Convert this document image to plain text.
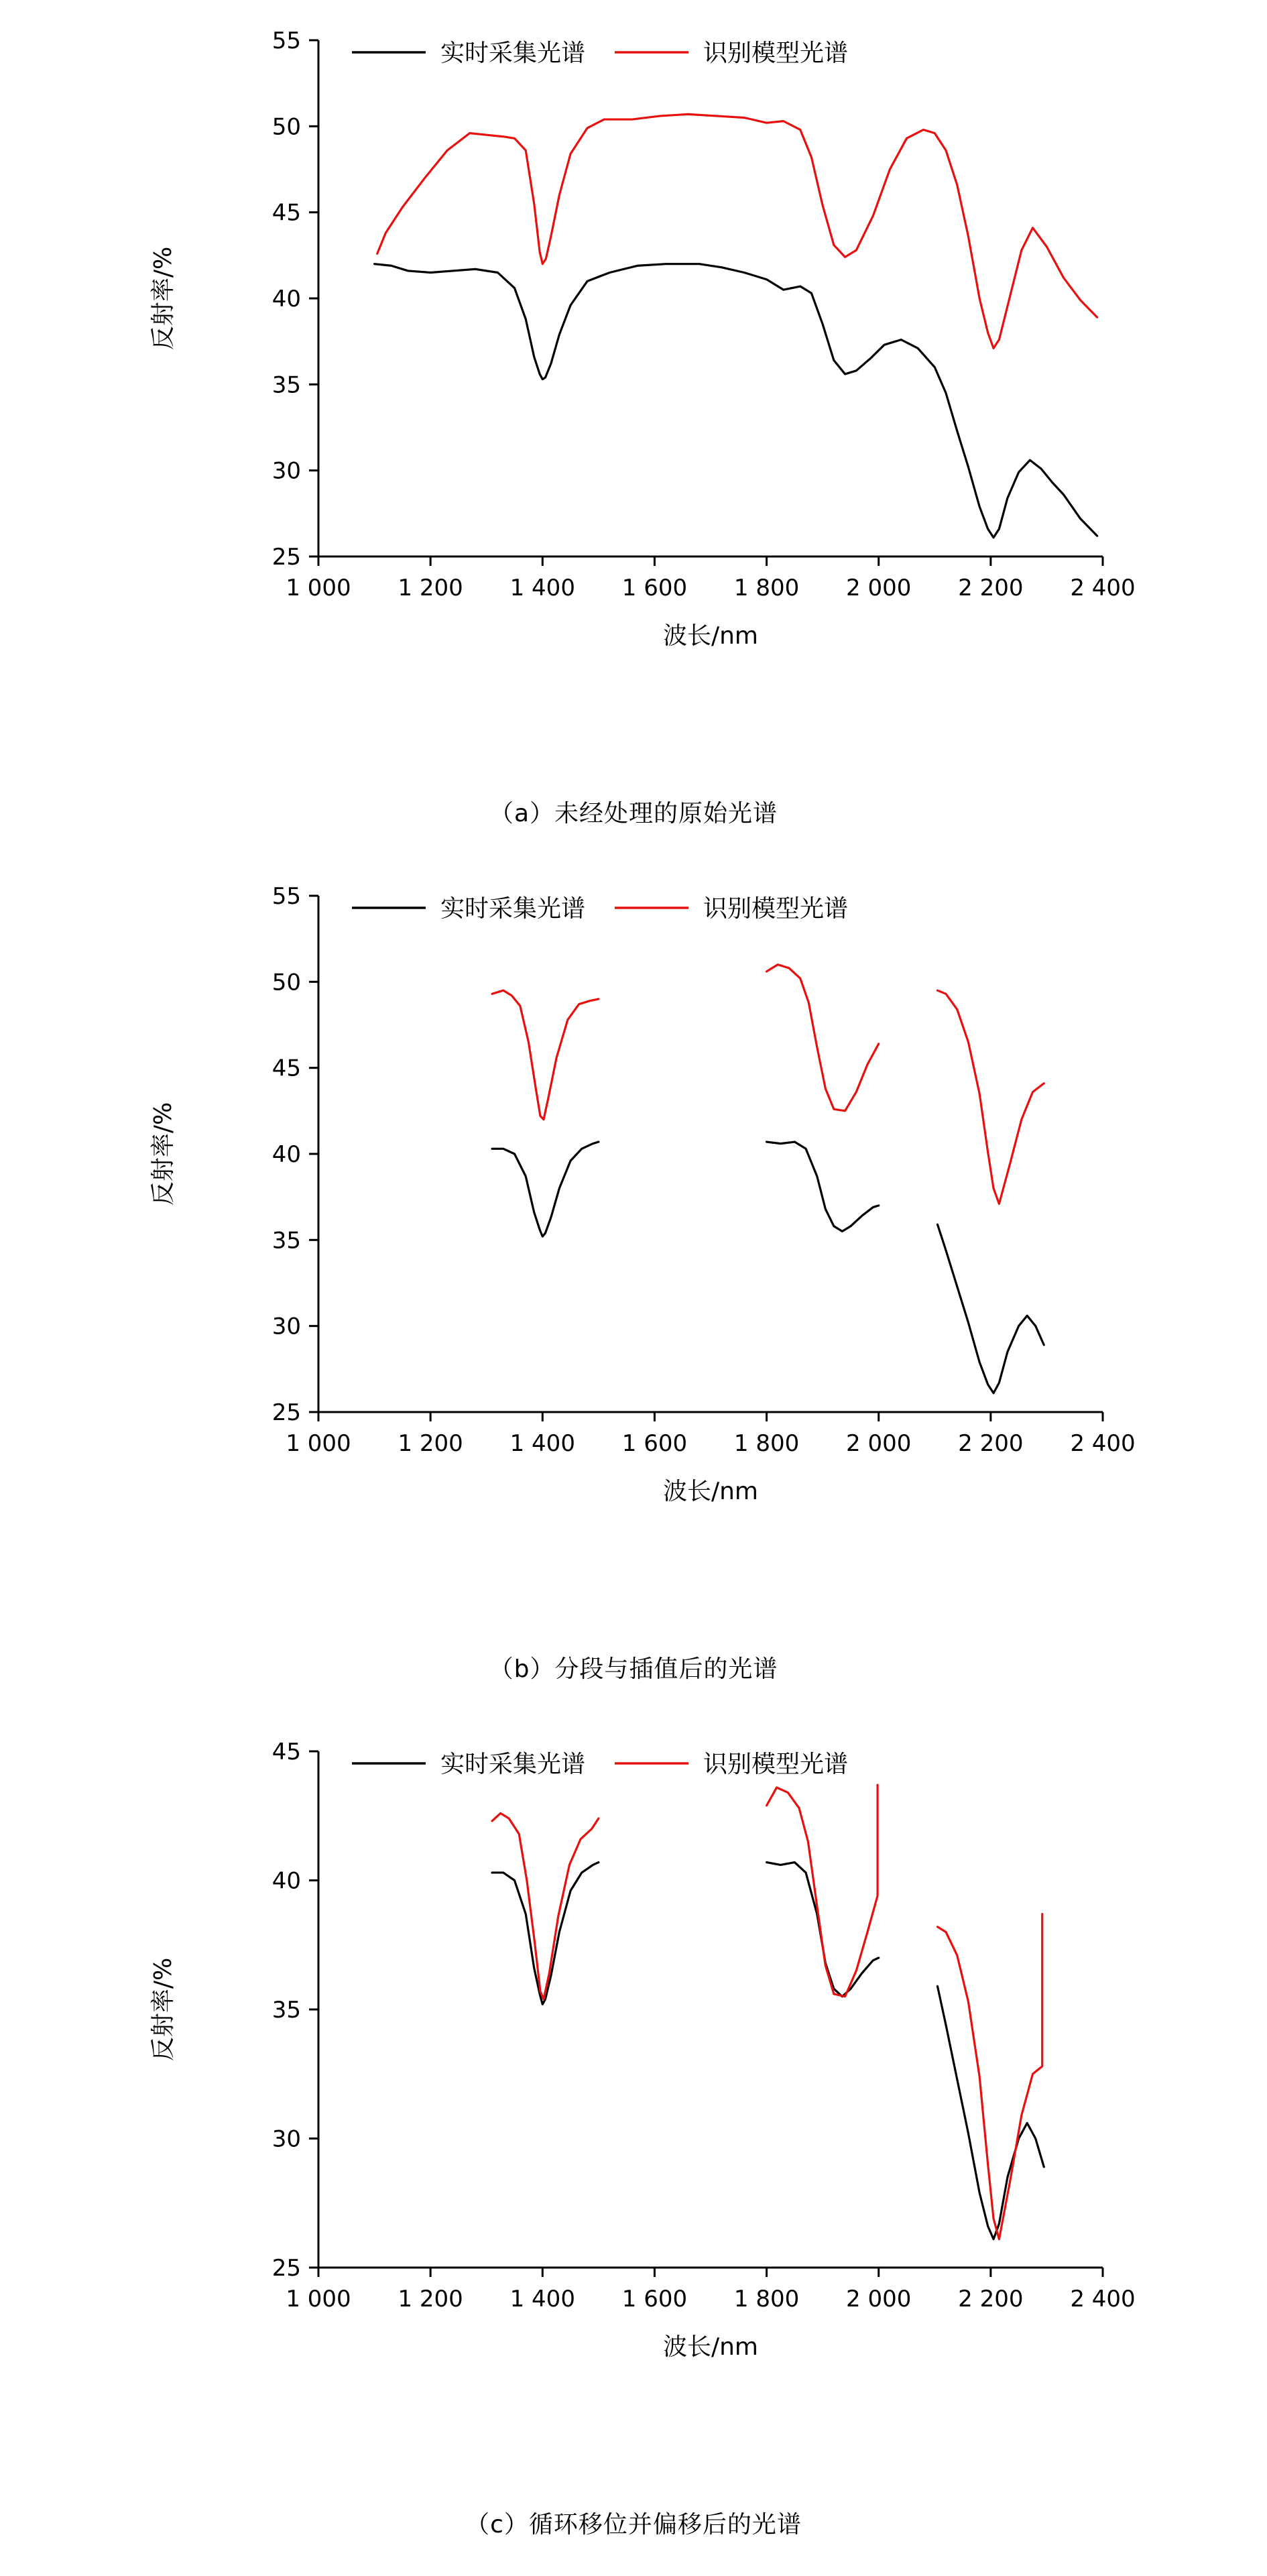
25
30
35
40
45
50
55
1 000 1 200 1 400 1 600 1 800 2 000 2 200 2 400
波长/nm
反射率/%
实时采集光谱	识别模型光谱
（a）未经处理的原始光谱
25
30
35
40
45
50
55
1 000 1 200 1 400 1 600 1 800 2 000 2 200 2 400
波长/nm
反射率/%
实时采集光谱	识别模型光谱
（b）分段与插值后的光谱
25
30
35
40
45
1 000 1 200 1 400 1 600 1 800 2 000 2 200 2 400
波长/nm
反射率/%
实时采集光谱	识别模型光谱
（c）循环移位并偏移后的光谱
